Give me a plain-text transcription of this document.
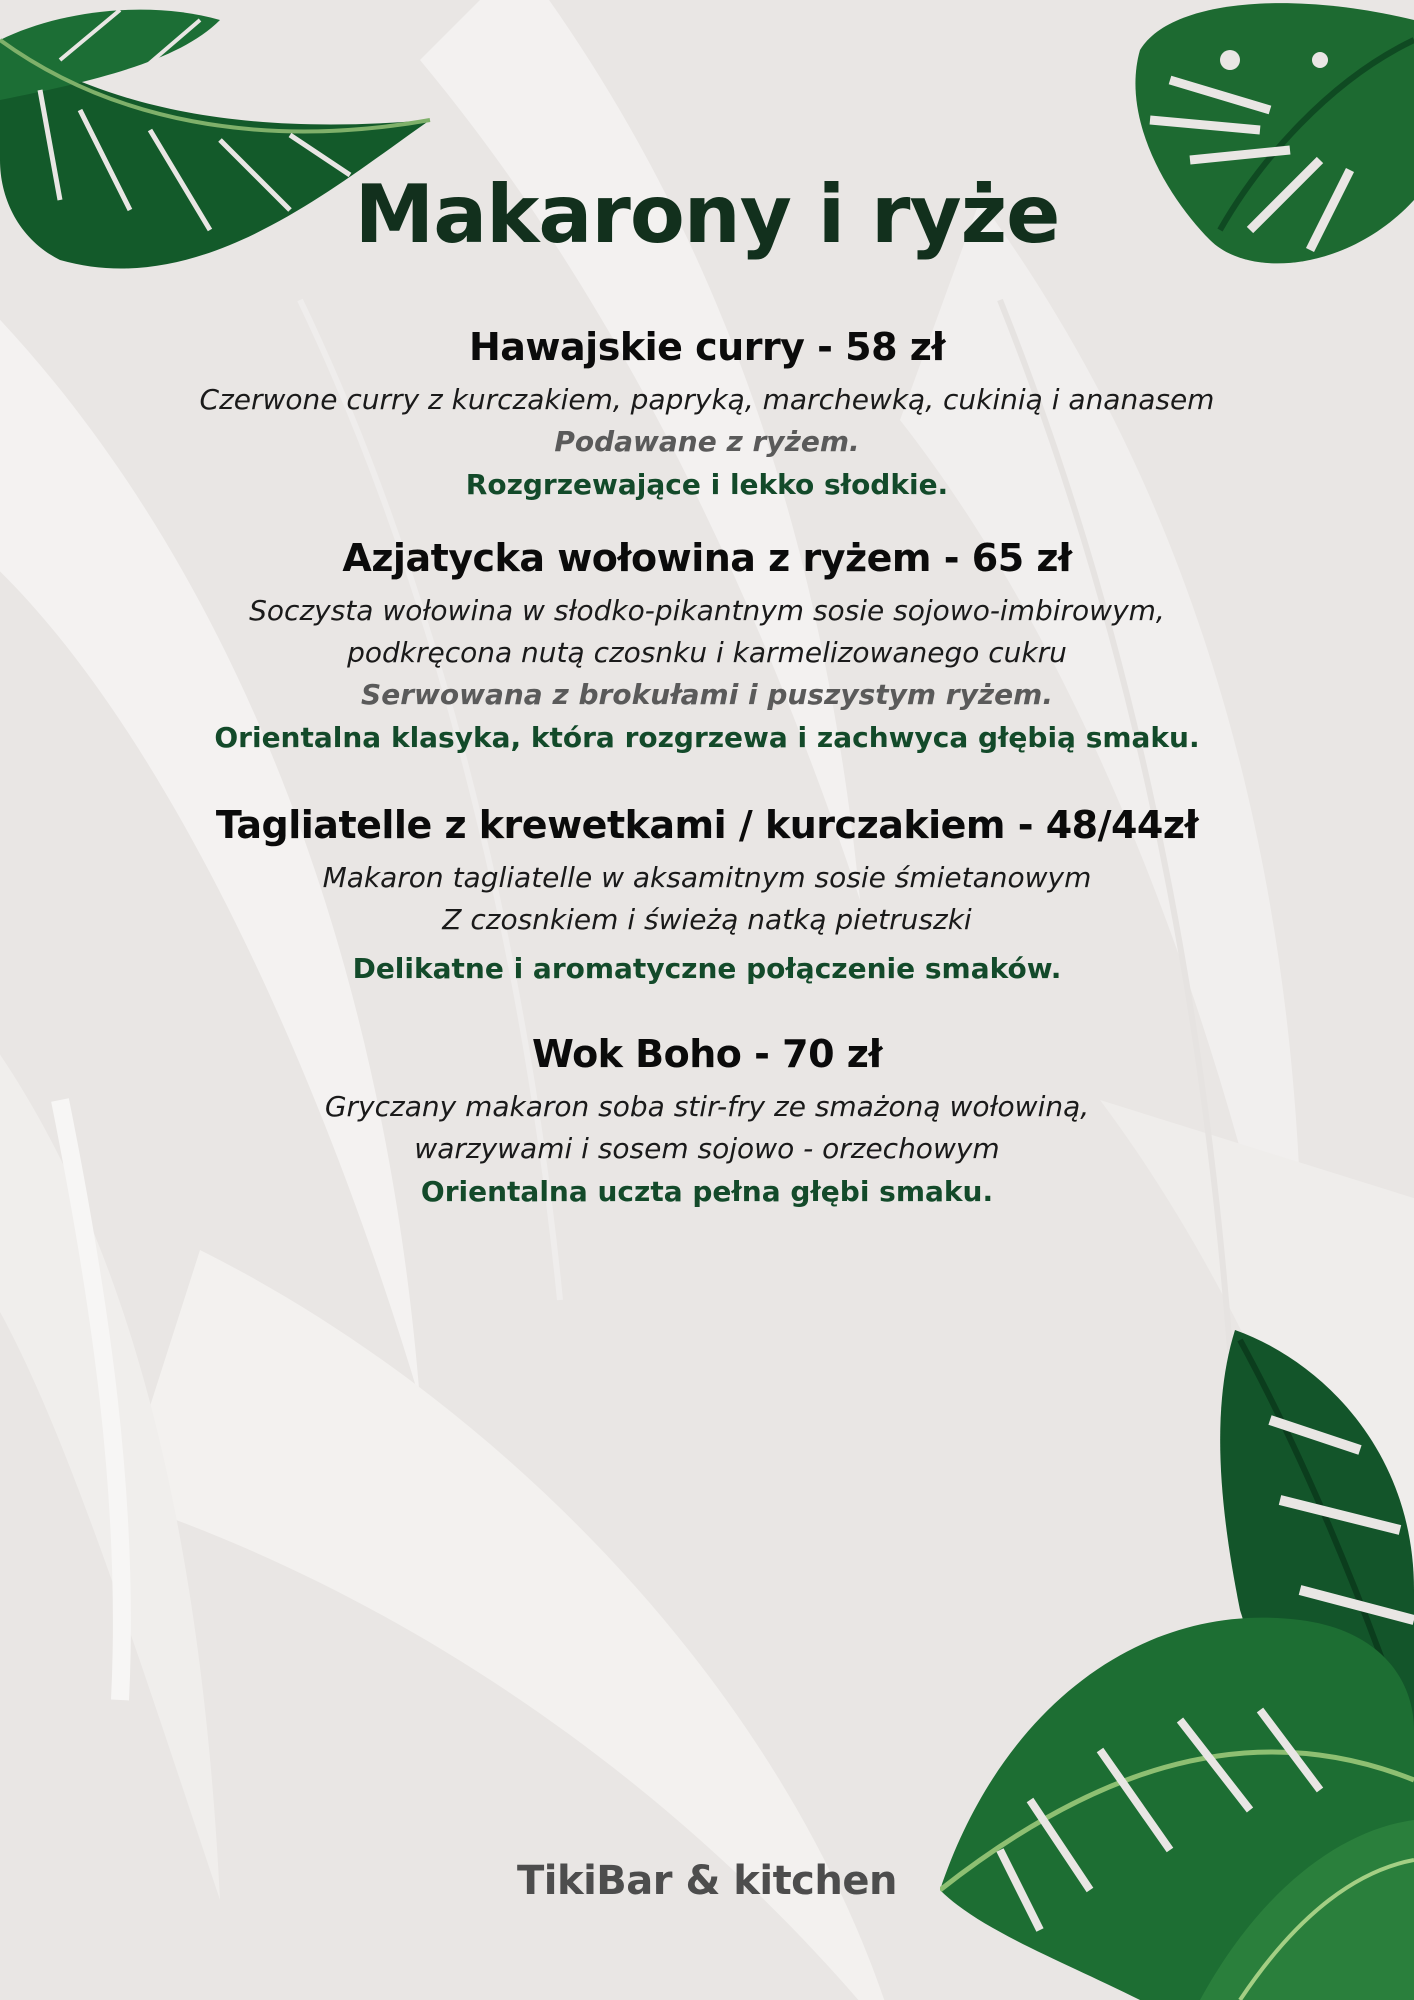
Makarony i ryże
Hawajskie curry - 58 zł
Czerwone curry z kurczakiem, papryką, marchewką, cukinią i ananasem
Podawane z ryżem.
Rozgrzewające i lekko słodkie.
Azjatycka wołowina z ryżem - 65 zł
Soczysta wołowina w słodko-pikantnym sosie sojowo-imbirowym,
podkręcona nutą czosnku i karmelizowanego cukru
Serwowana z brokułami i puszystym ryżem.
Orientalna klasyka, która rozgrzewa i zachwyca głębią smaku.
Tagliatelle z krewetkami / kurczakiem - 48/44zł
Makaron tagliatelle w aksamitnym sosie śmietanowym
Z czosnkiem i świeżą natką pietruszki
Delikatne i aromatyczne połączenie smaków.
Wok Boho - 70 zł
Gryczany makaron soba stir-fry ze smażoną wołowiną,
warzywami i sosem sojowo - orzechowym
Orientalna uczta pełna głębi smaku.
TikiBar & kitchen
